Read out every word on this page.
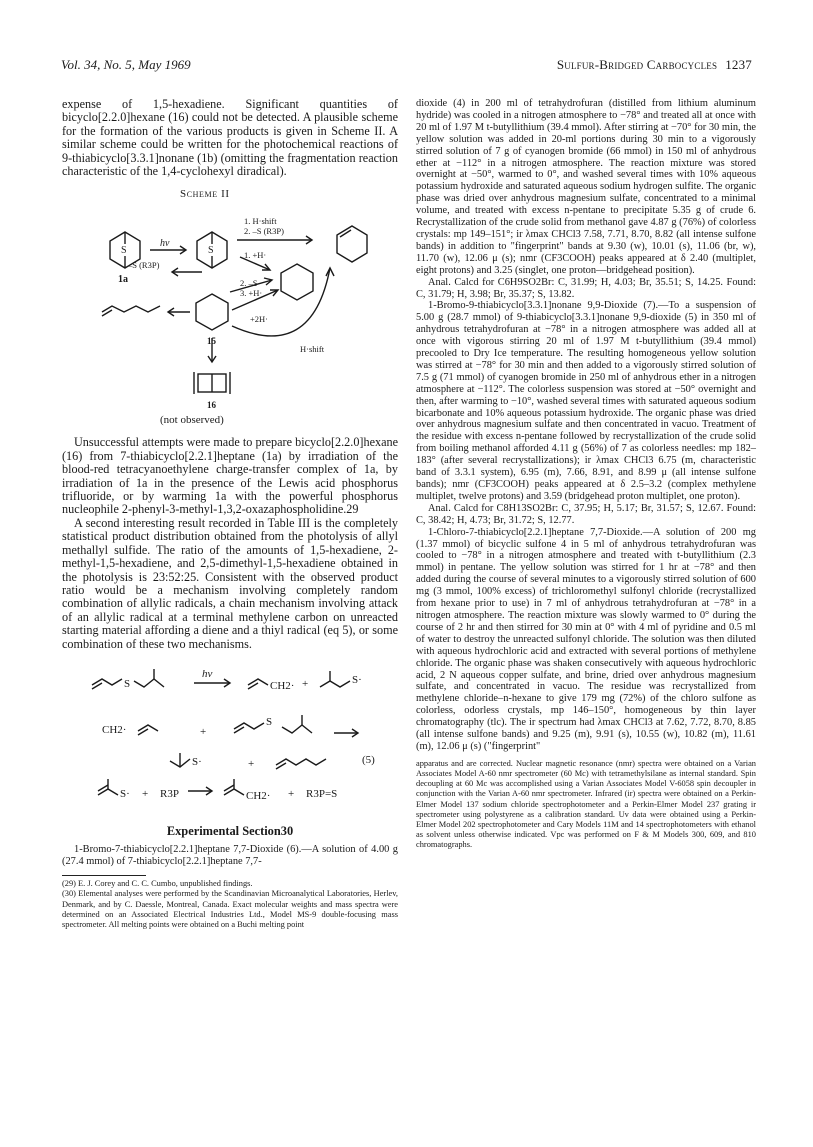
Vol. 34, No. 5, May 1969	Sulfur-Bridged Carbocycles 1237

expense of 1,5-hexadiene. Significant quantities of bicyclo[2.2.0]hexane (16) could not be detected. A plausible scheme for the formation of the various products is given in Scheme II. A similar scheme could be written for the photochemical reactions of 9-thiabicyclo[3.3.1]nonane (1b) (omitting the fragmentation reaction characteristic of the 1,4-cyclohexyl diradical).

Scheme II
S	S
hν
1a
1. H·shift
2. –S (R3P)
1. +H·
–S (R3P)
2. –S
3. +H·
+2H·
15
H·shift
16
(not observed)

Unsuccessful attempts were made to prepare bicyclo[2.2.0]hexane (16) from 7-thiabicyclo[2.2.1]heptane (1a) by irradiation of the blood-red tetracyanoethylene charge-transfer complex of 1a, by irradiation of 1a in the presence of the Lewis acid phosphorus trifluoride, or by warming 1a with the powerful phosphorus nucleophile 2-phenyl-3-methyl-1,3,2-oxazaphospholidine.29

A second interesting result recorded in Table III is the completely statistical product distribution obtained from the photolysis of allyl methallyl sulfide. The ratio of the amounts of 1,5-hexadiene, 2-methyl-1,5-hexadiene, and 2,5-dimethyl-1,5-hexadiene obtained in the photolysis is 23:52:25. Consistent with the observed product ratio would be a mechanism involving completely random combination of allylic radicals, a chain mechanism involving attack of an allylic radical at a terminal methylene carbon on unreacted starting material affording a diene and a thiyl radical (eq 5), or some combination of these two mechanisms.

S
hν
CH2· +	S·
CH2·	+
S
S·	+	(5)
S· + R3P	CH2· + R3P=S
Experimental Section30

1-Bromo-7-thiabicyclo[2.2.1]heptane 7,7-Dioxide (6).—A solution of 4.00 g (27.4 mmol) of 7-thiabicyclo[2.2.1]heptane 7,7-

(29) E. J. Corey and C. C. Cumbo, unpublished findings.

(30) Elemental analyses were performed by the Scandinavian Microanalytical Laboratories, Herlev, Denmark, and by C. Daessle, Montreal, Canada. Exact molecular weights and mass spectra were determined on an Associated Electrical Industries Ltd., Model MS-9 double-focusing mass spectrometer. All melting points were obtained on a Buchi melting point

dioxide (4) in 200 ml of tetrahydrofuran (distilled from lithium aluminum hydride) was cooled in a nitrogen atmosphere to −78° and treated all at once with 20 ml of 1.97 M t-butyllithium (39.4 mmol). After stirring at −70° for 30 min, the yellow solution was added in 20-ml portions during 30 min to a vigorously stirred solution of 7 g of cyanogen bromide (66 mmol) in 150 ml of anhydrous ether at −112° in a nitrogen atmosphere. The reaction mixture was stored overnight at −50°, warmed to 0°, and washed several times with 10% aqueous potassium hydroxide and saturated aqueous sodium hydrogen sulfite. The organic phase was dried over anhydrous magnesium sulfate, concentrated to a minimal volume, and treated with excess n-pentane to precipitate 5.35 g of crude 6. Recrystallization of the crude solid from methanol gave 4.87 g (76%) of colorless crystals: mp 149–151°; ir λmax CHCl3 7.58, 7.71, 8.70, 8.82 (all intense sulfone bands) in addition to "fingerprint" bands at 9.30 (w), 10.01 (s), 11.06 (br, w), 11.70 (w), 12.06 μ (s); nmr (CF3COOH) peaks appeared at δ 2.40 (multiplet, eight protons) and 3.25 (singlet, one proton—bridgehead position).

Anal. Calcd for C6H9SO2Br: C, 31.99; H, 4.03; Br, 35.51; S, 14.25. Found: C, 31.79; H, 3.98; Br, 35.37; S, 13.82.

1-Bromo-9-thiabicyclo[3.3.1]nonane 9,9-Dioxide (7).—To a suspension of 5.00 g (28.7 mmol) of 9-thiabicyclo[3.3.1]nonane 9,9-dioxide (5) in 350 ml of anhydrous tetrahydrofuran at −78° in a nitrogen atmosphere was added all at once with vigorous stirring 20 ml of 1.97 M t-butyllithium (39.4 mmol) precooled to Dry Ice temperature. The resulting homogeneous yellow solution was stirred at −78° for 30 min and then added to a vigorously stirred solution of 7.5 g (71 mmol) of cyanogen bromide in 250 ml of anhydrous ether in a nitrogen atmosphere at −112°. The colorless suspension was stored at −50° overnight and then, after warming to −10°, washed several times with saturated aqueous sodium bicarbonate and 10% aqueous potassium hydroxide. The organic phase was dried over anhydrous magnesium sulfate and then concentrated in vacuo. Treatment of the residue with excess n-pentane followed by recrystallization of the crude solid from boiling methanol afforded 4.11 g (56%) of 7 as colorless needles: mp 182–183° (after several recrystallizations); ir λmax CHCl3 6.75 (m, characteristic band of 3.3.1 system), 6.95 (m), 7.66, 8.91, and 8.99 μ (all intense sulfone bands); nmr (CF3COOH) peaks appeared at δ 2.5–3.2 (complex methylene multiplet, twelve protons) and 3.59 (bridgehead proton multiplet, one proton).

Anal. Calcd for C8H13SO2Br: C, 37.95; H, 5.17; Br, 31.57; S, 12.67. Found: C, 38.42; H, 4.73; Br, 31.72; S, 12.77.

1-Chloro-7-thiabicyclo[2.2.1]heptane 7,7-Dioxide.—A solution of 200 mg (1.37 mmol) of bicyclic sulfone 4 in 5 ml of anhydrous tetrahydrofuran was cooled to −78° in a nitrogen atmosphere and treated with t-butyllithium (2.3 mmol) in pentane. The yellow solution was stirred for 1 hr at −78° and then added during the course of several minutes to a vigorously stirred solution of 600 mg (3 mmol, 100% excess) of trichloromethyl sulfonyl chloride (recrystallized from hexane prior to use) in 7 ml of anhydrous tetrahydrofuran at −78° in a nitrogen atmosphere. The reaction mixture was slowly warmed to 0° during the course of 2 hr and then stirred for 30 min at 0° with 4 ml of pyridine and 0.5 ml of water to destroy the unreacted sulfonyl chloride. The solution was then diluted with aqueous hydrochloric acid and extracted with several portions of methylene chloride. The organic phase was shaken consecutively with aqueous hydrochloric acid, 2 N aqueous copper sulfate, and brine, dried over anhydrous magnesium sulfate, and concentrated in vacuo. The residue was recrystallized from methylene chloride–n-hexane to give 179 mg (72%) of the chloro sulfone as colorless, odorless crystals, mp 146–150°, homogeneous by thin layer chromatography (tlc). The ir spectrum had λmax CHCl3 at 7.62, 7.72, 8.70, 8.85 (all intense sulfone bands) and 9.25 (m), 9.91 (s), 10.55 (w), 10.82 (m), 11.61 (m), 12.06 μ (s) ("fingerprint"

apparatus and are corrected. Nuclear magnetic resonance (nmr) spectra were obtained on a Varian Associates Model A-60 nmr spectrometer (60 Mc) with tetramethylsilane as internal standard. Spin decoupling at 60 Mc was accomplished using a Varian Associates Model V-6058 spin decoupler in conjunction with the Varian A-60 nmr spectrometer. Infrared (ir) spectra were obtained on a Perkin-Elmer Model 137 sodium chloride spectrophotometer and a Perkin-Elmer Model 237 grating ir spectrometer using polystyrene as a calibration standard. Uv data were obtained using a Perkin-Elmer Model 202 spectrophotometer and Cary Models 11M and 14 spectrophotometers with ethanol as solvent unless otherwise indicated. Vpc was performed on F & M Models 300, 609, and 810 chromatographs.
